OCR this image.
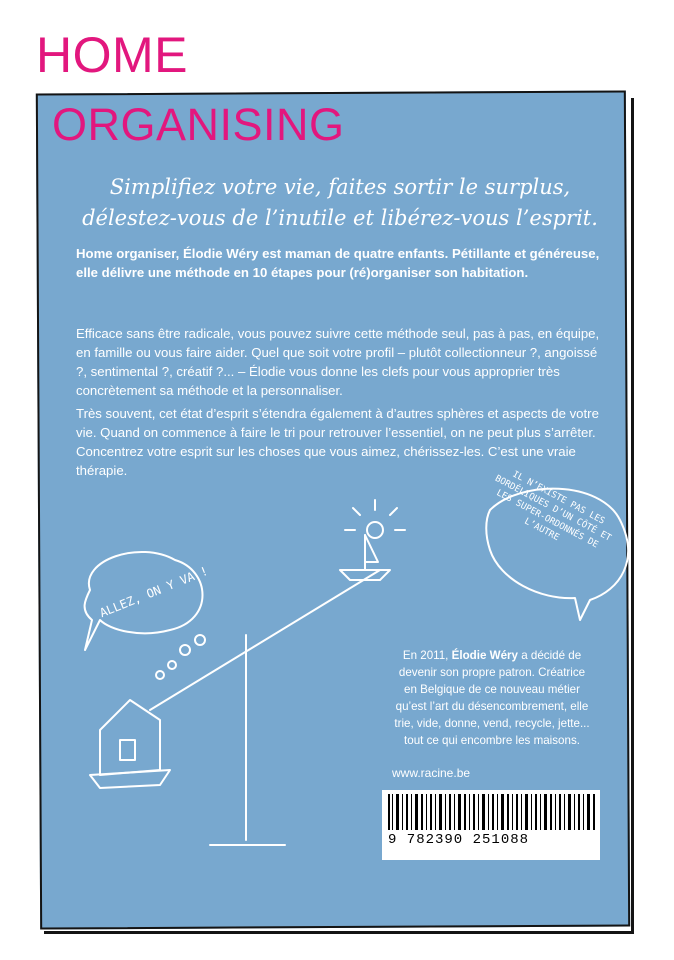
HOME
ORGANISING
Simplifiez votre vie, faites sortir le surplus, délestez-vous de l’inutile et libérez-vous l’esprit.
Home organiser, Élodie Wéry est maman de quatre enfants. Pétillante et généreuse, elle délivre une méthode en 10 étapes pour (ré)organiser son habitation.
Efficace sans être radicale, vous pouvez suivre cette méthode seul, pas à pas, en équipe, en famille ou vous faire aider. Quel que soit votre profil – plutôt collectionneur ?, angoissé ?, sentimental ?, créatif ?... – Élodie vous donne les clefs pour vous approprier très concrètement sa méthode et la personnaliser.
Très souvent, cet état d’esprit s’étendra également à d’autres sphères et aspects de votre vie. Quand on commence à faire le tri pour retrouver l’essentiel, on ne peut plus s’arrêter. Concentrez votre esprit sur les choses que vous aimez, chérissez-les. C’est une vraie thérapie.
ALLEZ, ON Y VA !
IL N’EXISTE PAS LES BORDÉLIQUES D’UN CÔTÉ ET LES SUPER-ORDONNÉS DE L’AUTRE
En 2011, Élodie Wéry a décidé de devenir son propre patron. Créatrice en Belgique de ce nouveau métier qu’est l’art du désencombrement, elle trie, vide, donne, vend, recycle, jette... tout ce qui encombre les maisons.
www.racine.be
9 782390 251088
